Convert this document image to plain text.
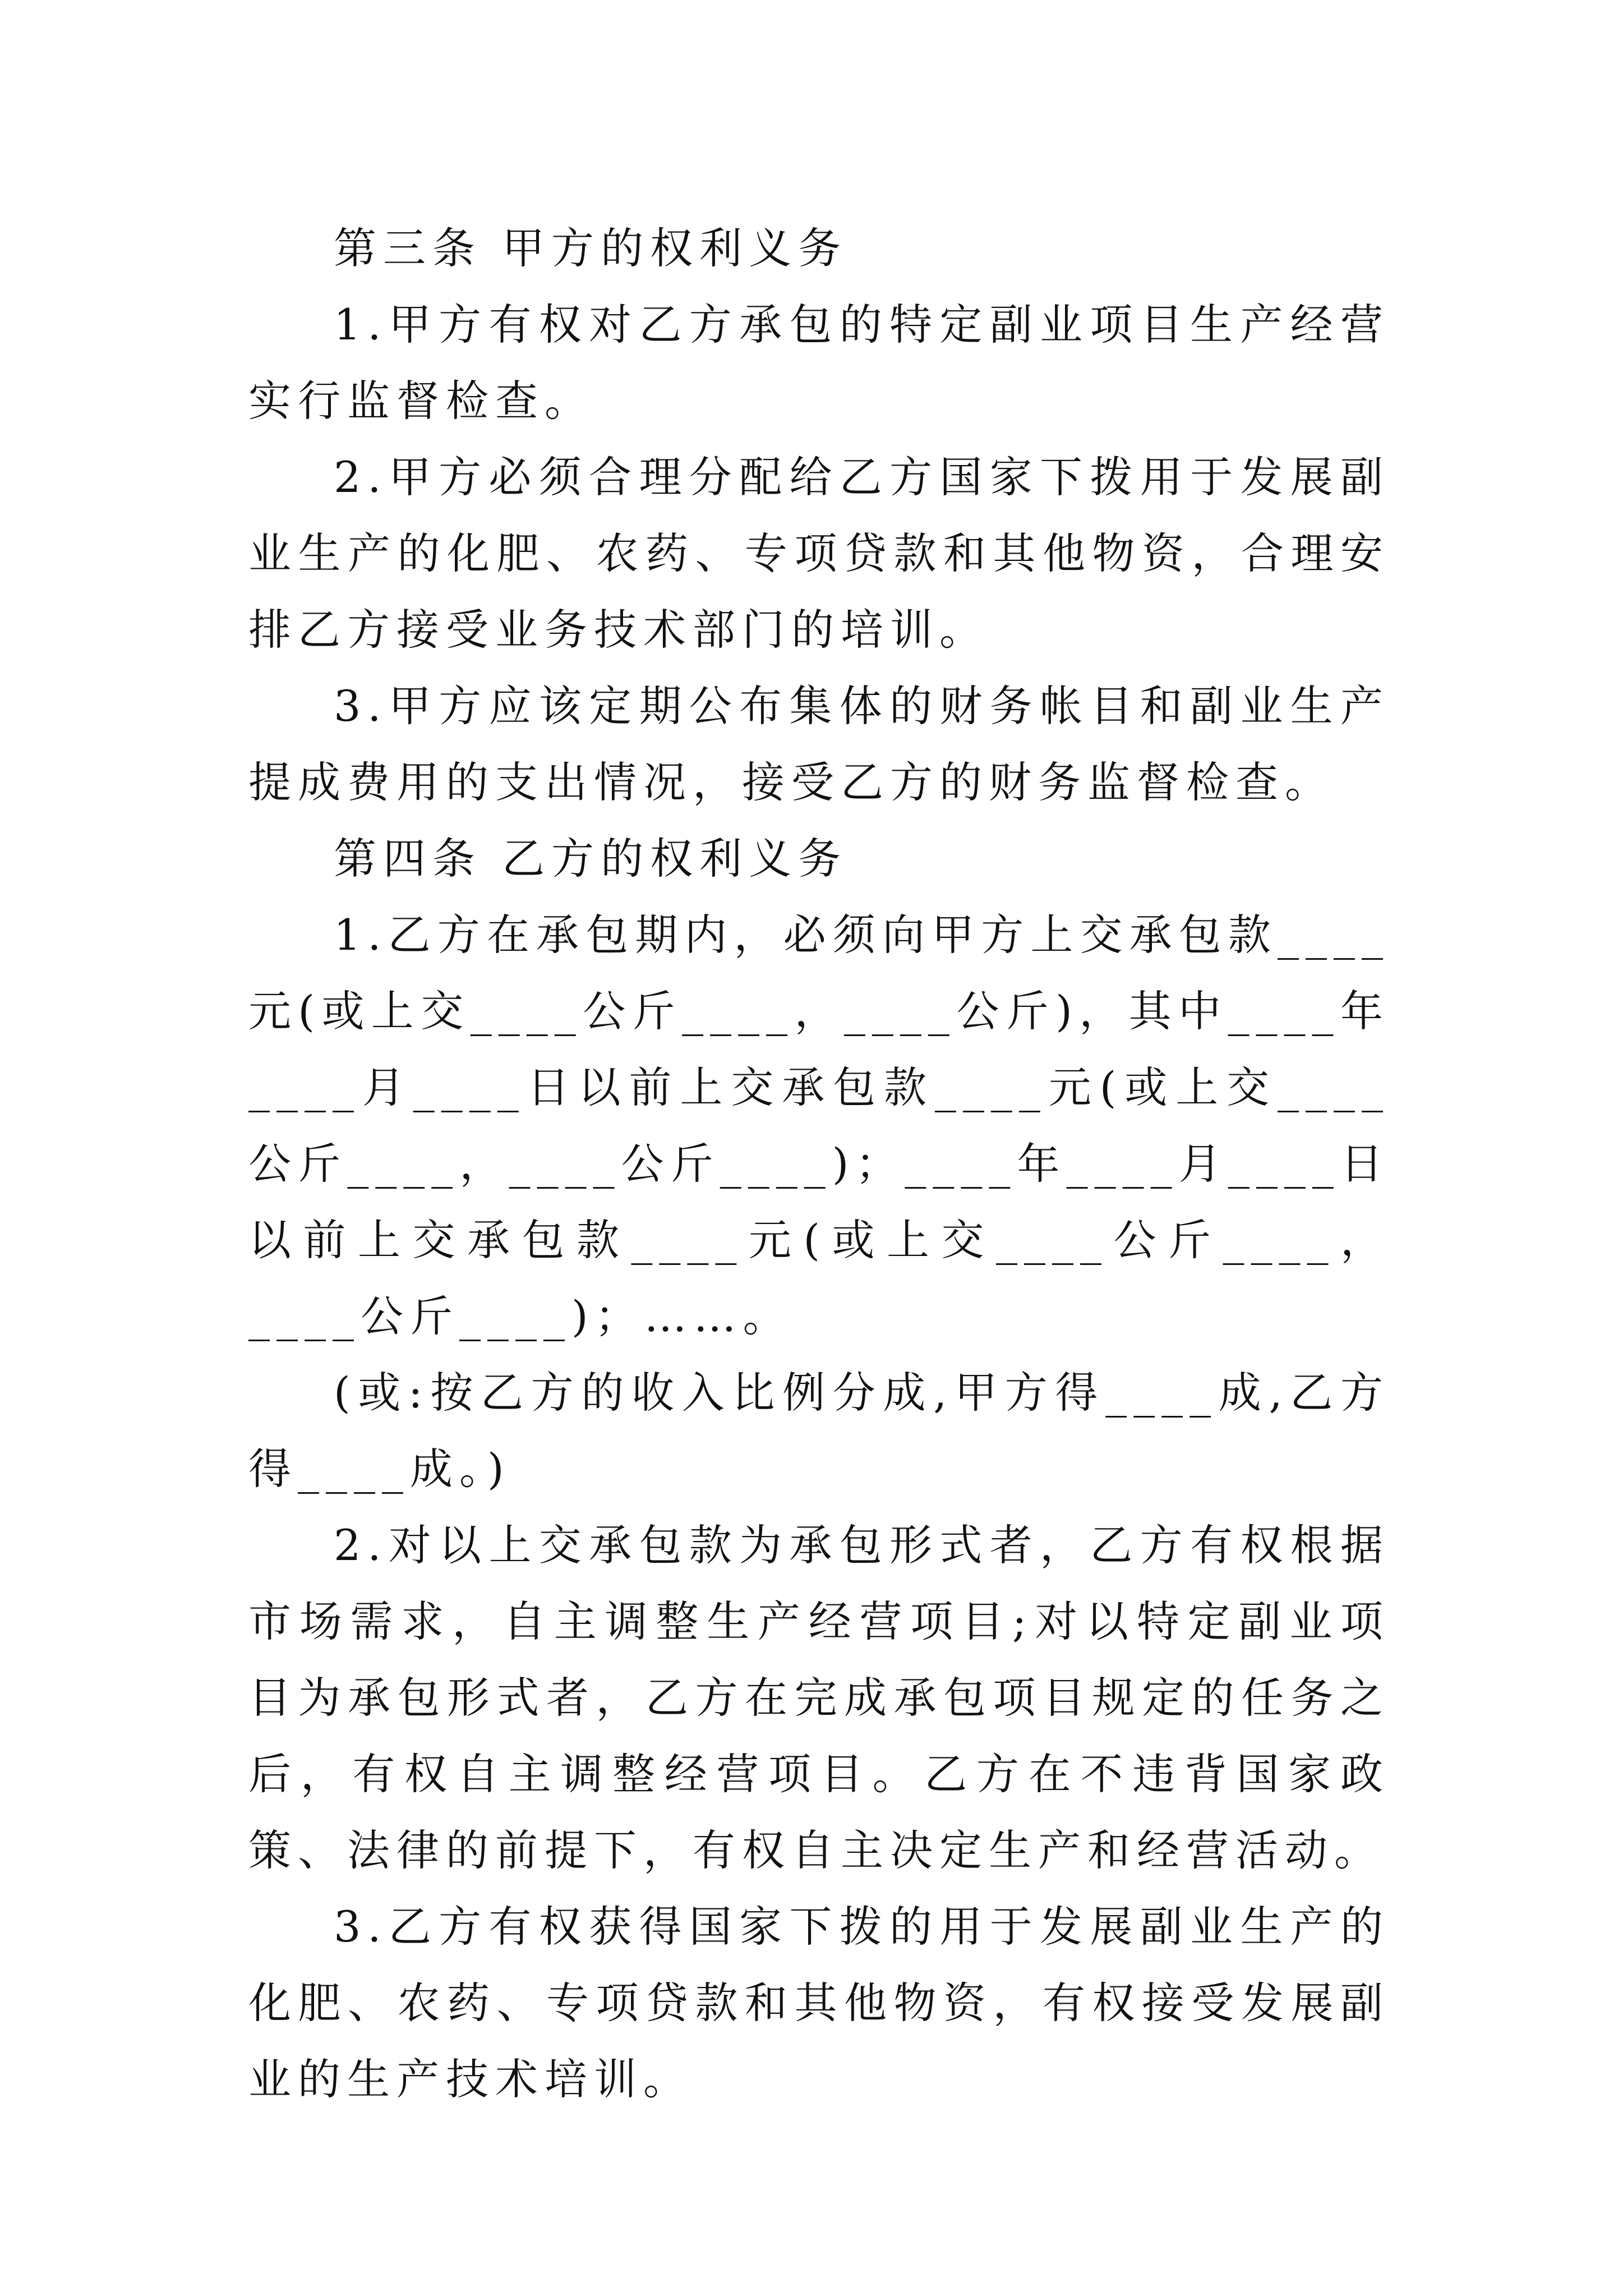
第三条 甲方的权利义务

1.甲方有权对乙方承包的特定副业项目生产经营实行监督检查。

2.甲方必须合理分配给乙方国家下拨用于发展副业生产的化肥、农药、专项贷款和其他物资，合理安排乙方接受业务技术部门的培训。

3.甲方应该定期公布集体的财务帐目和副业生产提成费用的支出情况，接受乙方的财务监督检查。

第四条 乙方的权利义务

1.乙方在承包期内，必须向甲方上交承包款____元(或上交____公斤____，____公斤)，其中____年____月____日以前上交承包款____元(或上交____公斤____，____公斤____)；____年____月____日以前上交承包款____元(或上交____公斤____，____公斤____)；……。

(或:按乙方的收入比例分成,甲方得____成,乙方得____成。)

2.对以上交承包款为承包形式者，乙方有权根据市场需求，自主调整生产经营项目;对以特定副业项目为承包形式者，乙方在完成承包项目规定的任务之后，有权自主调整经营项目。乙方在不违背国家政策、法律的前提下，有权自主决定生产和经营活动。

3.乙方有权获得国家下拨的用于发展副业生产的化肥、农药、专项贷款和其他物资，有权接受发展副业的生产技术培训。
